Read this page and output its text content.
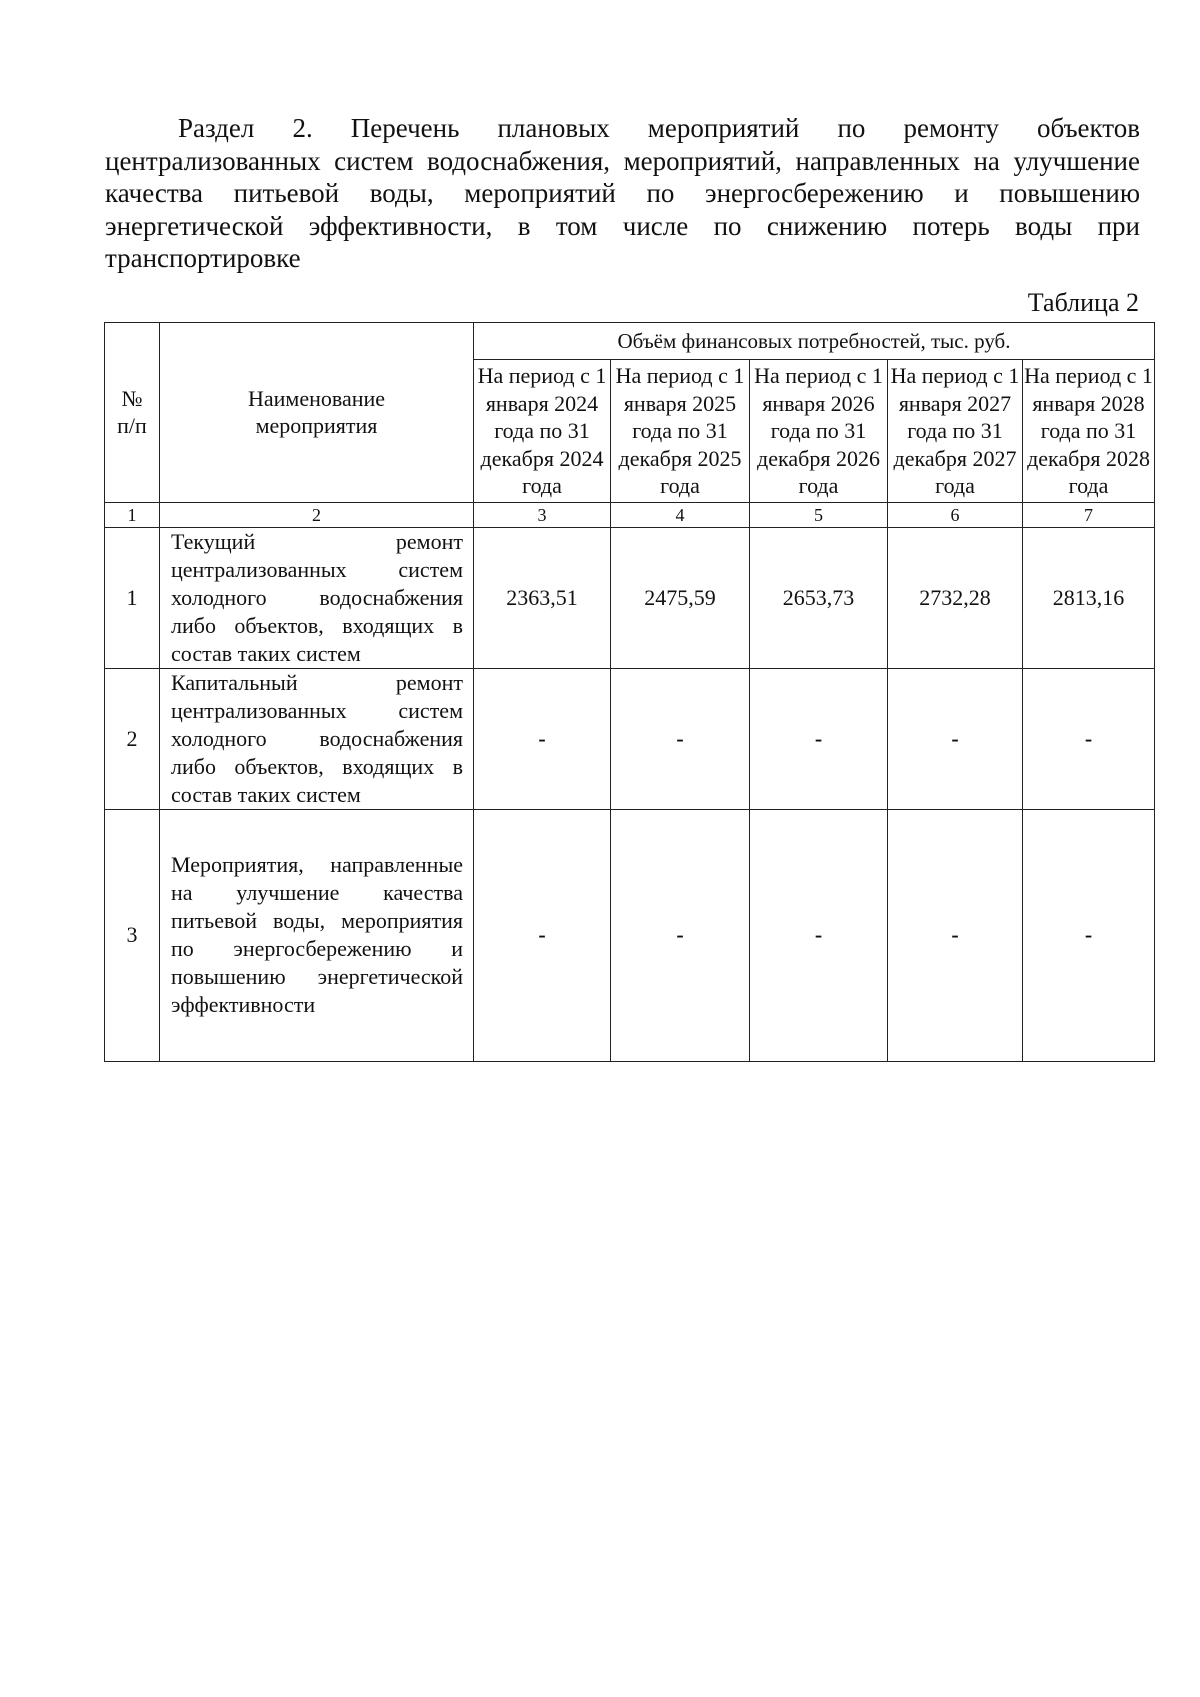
Раздел 2. Перечень плановых мероприятий по ремонту объектов централизованных систем водоснабжения, мероприятий, направленных на улучшение качества питьевой воды, мероприятий по энергосбережению и повышению энергетической эффективности, в том числе по снижению потерь воды при транспортировке

Таблица 2
№ п/п	Наименование мероприятия	Объём финансовых потребностей, тыс. руб.				
		На период с 1 января 2024 года по 31 декабря 2024 года	На период с 1 января 2025 года по 31 декабря 2025 года	На период с 1 января 2026 года по 31 декабря 2026 года	На период с 1 января 2027 года по 31 декабря 2027 года	На период с 1 января 2028 года по 31 декабря 2028 года
1	2	3	4	5	6	7
1	Текущий ремонт централизованных систем холодного водоснабжения либо объектов, входящих в состав таких систем	2363,51	2475,59	2653,73	2732,28	2813,16
2	Капитальный ремонт централизованных систем холодного водоснабжения либо объектов, входящих в состав таких систем	-	-	-	-	-
3	Мероприятия, направленные на улучшение качества питьевой воды, мероприятия по энергосбережению и повышению энергетической эффективности	-	-	-	-	-
